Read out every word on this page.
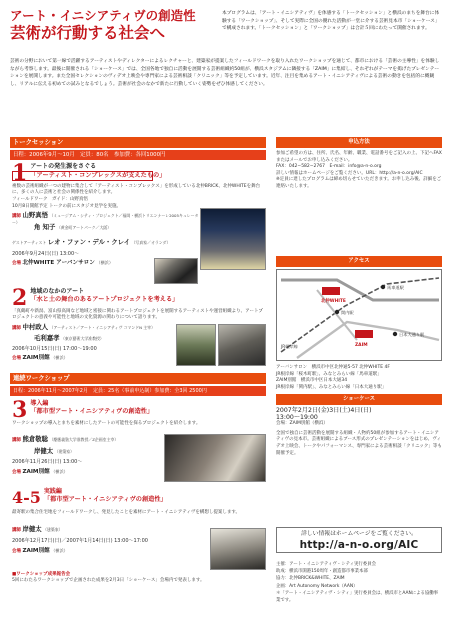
アート・イニシアティヴの創造性
芸術が行動する社会へ
本プログラムは、「アート・イニシアティヴ」を体感する「トークセッション」と横浜のまちを舞台に体験する「ワークショップ」、そして実際に全国の優れた活動が一堂に介する芸術見本市「ショーケース」で構成されます。「トークセッション」と「ワークショップ」は合計５回にわたって開催されます。
芸術の分野において第一線で活躍するアーティストやディレクターによるレクチャーと、建築家が提案したフィールドワークを取り入れたワークショップを通じて、都市における「芸術の主導性」を体験しながら考察します。最後に開催される「ショーケース」では、全国各地で独自に活動を展開する芸術組織約50組が、横浜スタジアムに隣接する「ZAIM」に集結し、それぞれがテーマを掲げたプレゼンテーションを展開します。また全国セレクションのヴィデオ上映会や専門家による芸術相談「クリニック」等を予定しています。近年、注目を集めるアート・イニシアティヴによる芸術の動きを包括的に概観し、リアルに伝える初めての試みとなるでしょう。芸術が社会のなかで新たに行動していく姿勢をぜひ体感してください。
トークセッション
日程：2006年9月〜10月　定員：80名　参加費：各回1000円
1 アートの発生源をさぐる
「アーティスト・コンプレックスが支えたもの」
複数の芸術組織が一つの建物に集合して「アーティスト・コンプレックス」を形成している北仲BRICK、北仲WHITEを舞台に、多くの人に芸術と社会の関係性を紹介します。
フィールドワーク　ガイド：山野真悟
10月8日開館予定 トークの前にスタジオ見学を実施。
講師 山野真悟 （ミュージアム・シティ・プロジェクト／福岡・横浜トリエンナーレ2005キュレーター）
角 知子 （黄金町アートパーク／大阪）
ゲストアーティスト レオ・ファン・デル・クレイ （写真家／オランダ）
2006年9月24日(日) 13:00〜
会場 北仲WHITE アーバンサロン （横浜）
2 地域のなかのアート
「水と土の舞台のあるアートプロジェクトを考える」
「真鶴町や新潟、富山県高岡など地域と密接に関わるアートプロジェクトを展開するアーティストや運営組織より、アートプロジェクトの意義や可能性と地域の文化資源の関わりについて語ります。
講師 中村政人 （アーティスト／アート・イニシアティヴ コマンドN 主宰）
毛利嘉孝 （東京藝術大学准教授）
2006年10月15日(日) 17:00〜19:00
会場 ZAIM別館 （横浜）
連続ワークショップ
日程：2006年11月〜2007年2月　定員：25名（事前申込制）参加費：全3回 2500円
3 導入編
「都市型アート・イニシアティヴの創造性」
ワークショップの導入とまちを素材にしたアートの可能性を探るプロジェクトを紹介します。
講師 熊倉敬聡 （慶應義塾大学准教授／Z企画室主宰）
岸健太 （建築家）
2006年11月26日(日) 13:00〜
会場 ZAIM別館 （横浜）
4-5 実践編
「都市型アート・イニシアティヴの創造性」
最寄駅の集合住宅地をフィールドワークし、発見したことを素材にアート・イニシアティヴを構想し提案します。
講師 岸健太 （建築家）
2006年12月17日(日)／2007年1月14日(日) 13:00〜17:00
会場 ZAIM別館 （横浜）
■ワークショップ成果報告会
5回にわたるワークショップで企画された成果を2月3日「ショーケース」会場内で発表します。
申込方法
参加ご希望の方は、住所、氏名、年齢、職業、電話番号をご記入の上、下記へFAXまたはメールでお申し込みください。
FAX：042−582−2767　E-mail：info@a-n-o.org
詳しい情報はホームページをご覧ください。URL：http://a-n-o.org/AIC
※定員に達したプログラムは締め切らせていただきます。お申し込み後、詳細をご連絡いたします。
アクセス
JR根岸線
馬車道駅
関内駅
日本大通り駅
北仲WHITE
ZAIM
アーバンサロン　横浜市中区北仲通5-57 北仲WHITE 4F
JR根岸線「桜木町駅」、みなとみらい線「馬車道駅」
ZAIM別館　横浜市中区日本大通34
JR根岸線「関内駅」、みなとみらい線「日本大通り駅」
ショーケース
2007年2月2日(金)3日(土)4日(日)
13:00〜19:00
会場：ZAIM別館（横浜）
全国で独自に芸術活動を展開する組織・人物約50組が参加するアート・イニシアティヴの見本市。芸術組織によるブース形式のプレゼンテーションをはじめ、ヴィデオ上映会、トークやパフォーマンス、専門家による芸術相談「クリニック」等も開催予定。
詳しい情報はホームページをご覧ください。
http://a-n-o.org/AIC
主催：アート・イニシアティヴ・シティ実行委員会
助成：横浜市開港150周年・創造都市事業本部
協力：北仲BRICK&WHITE、ZAIM
企画：Art Autonomy Network（AAN）
＊「アート・イニシアティヴ・シティ」実行委員会は、横浜市とAANによる協働事業です。
